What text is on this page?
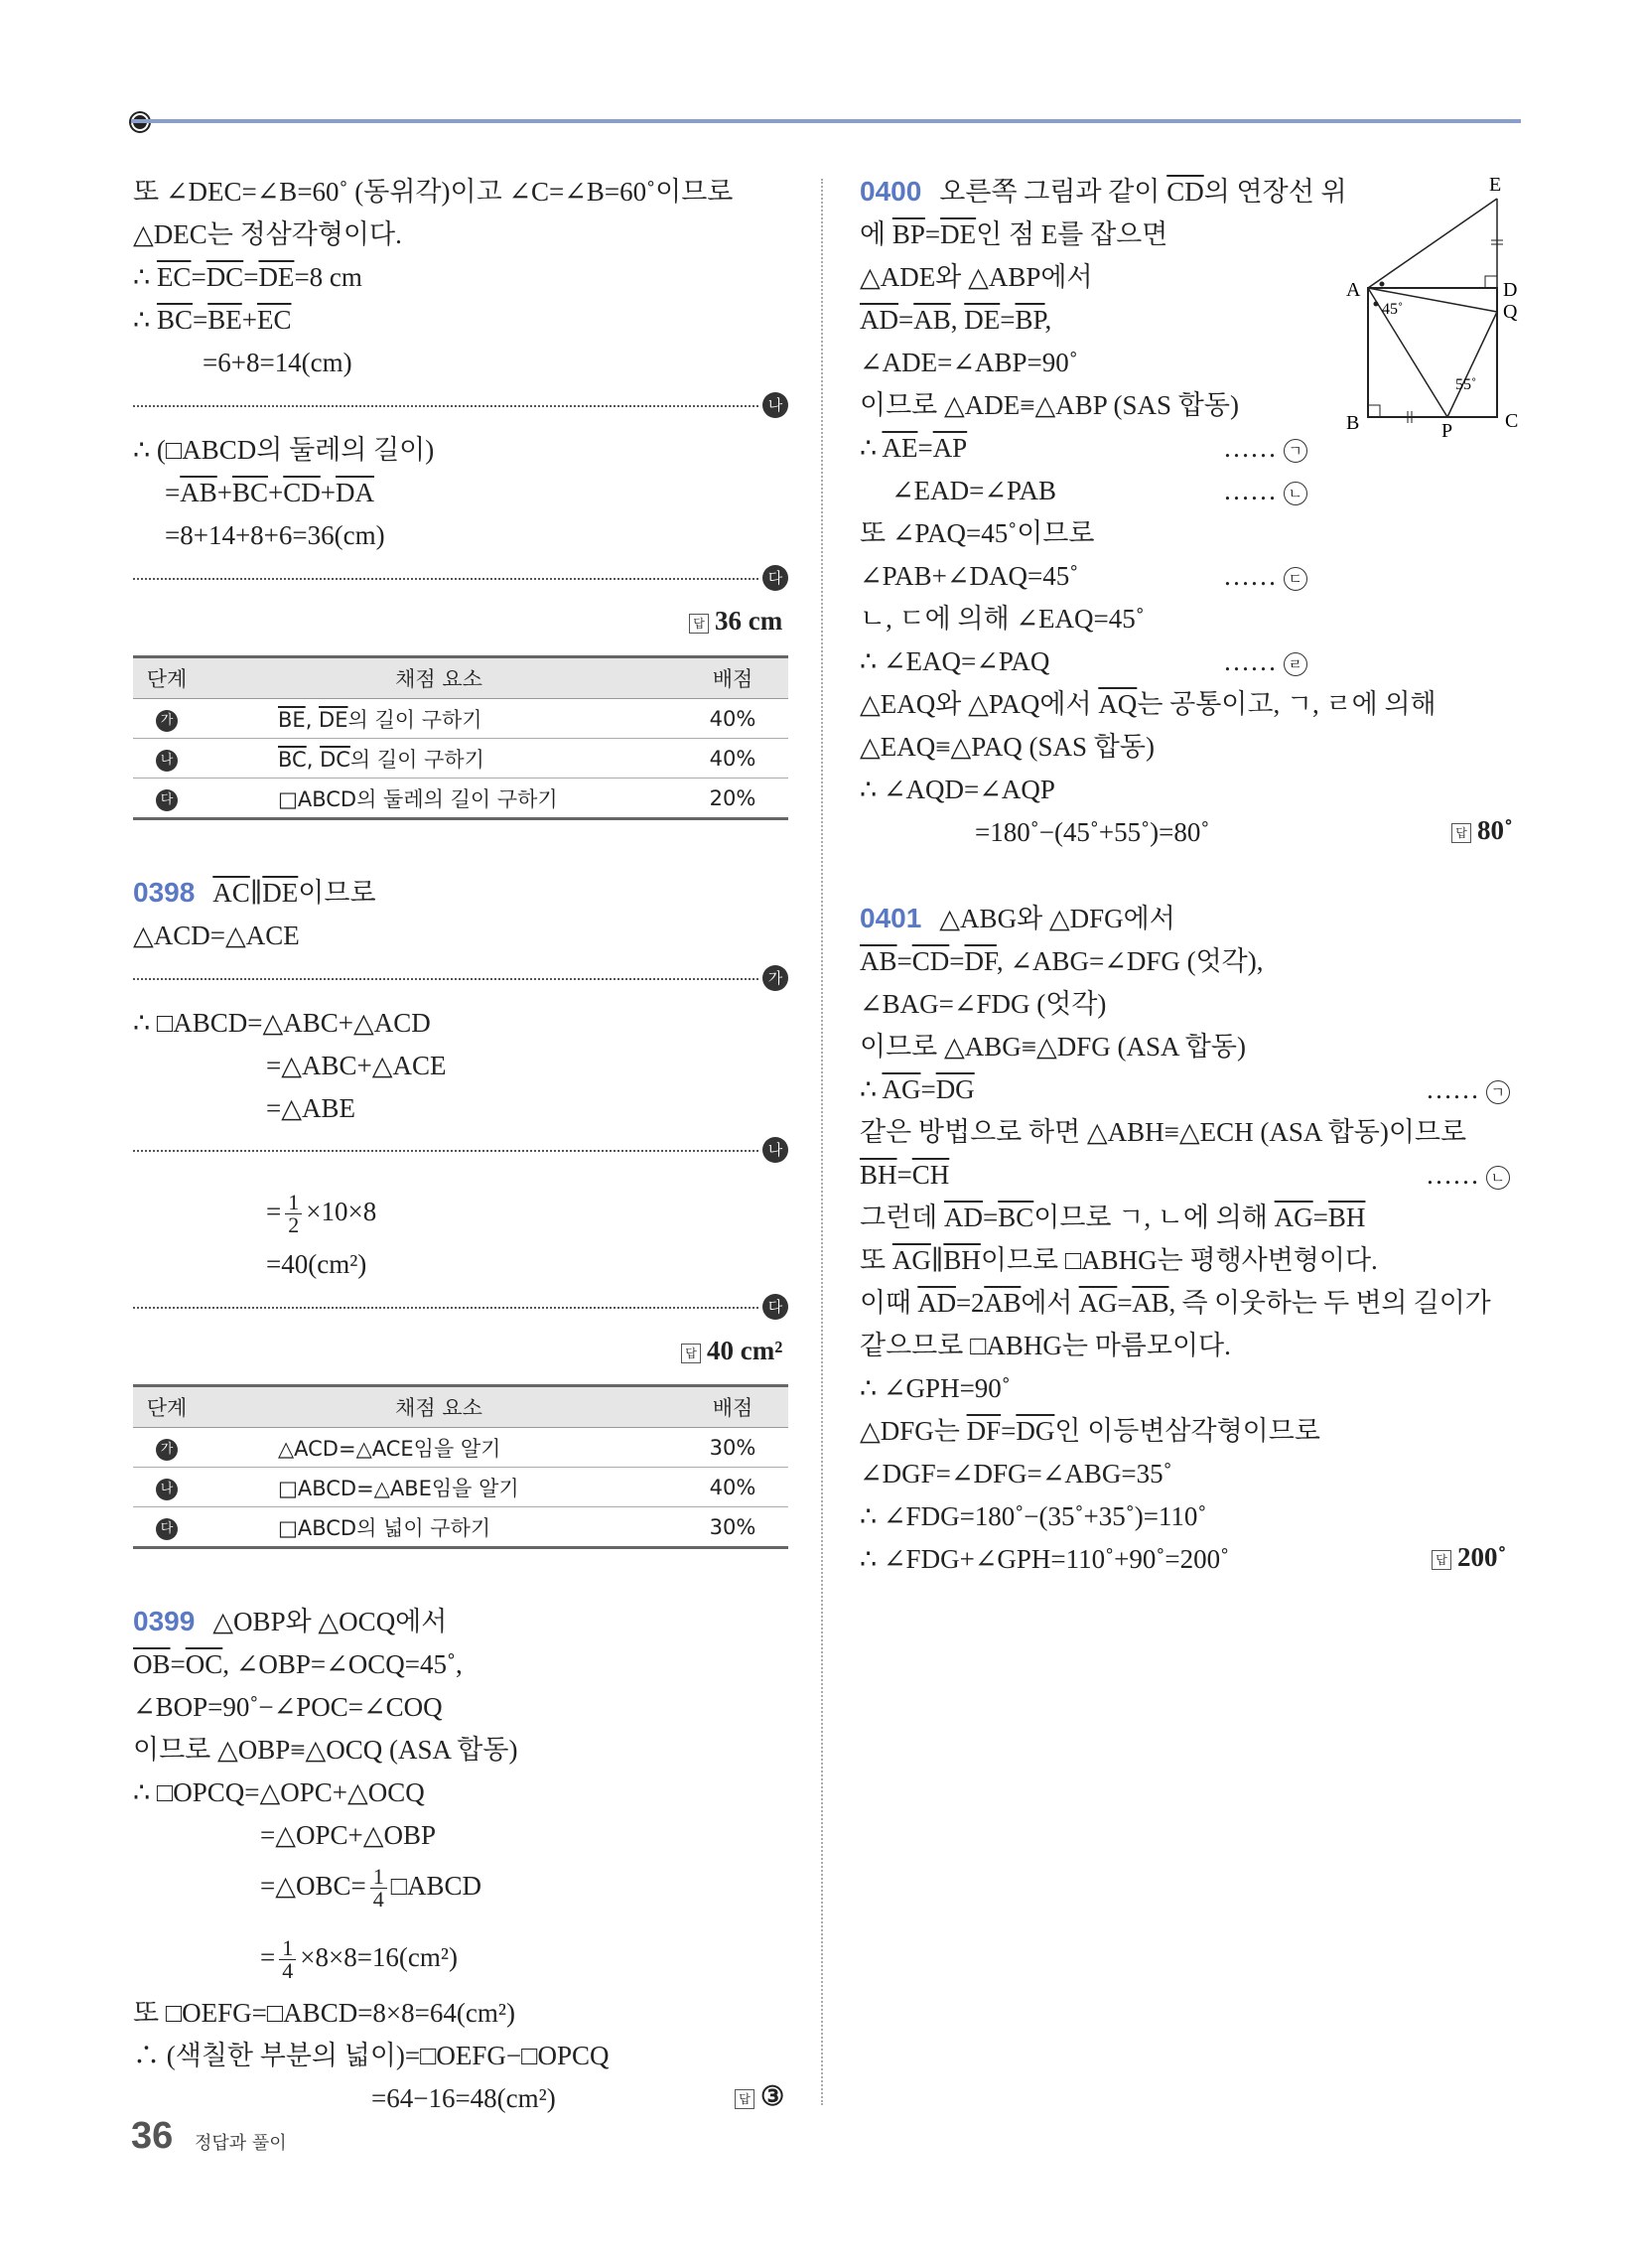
또 ∠DEC=∠B=60˚ (동위각)이고 ∠C=∠B=60˚이므로
△DEC는 정삼각형이다.
∴ $\overline{EC}=\overline{DC}=\overline{DE}=8$ cm
∴ $\overline{BC}=\overline{BE}+\overline{EC}$
=6+8=14(cm)
나
∴ (□ABCD의 둘레의 길이)
$=\overline{AB}+\overline{BC}+\overline{CD}+\overline{DA}$
=8+14+8+6=36(cm)
다
답 36 cm
단계	채점 요소	배점
가	$\overline{BE}$, $\overline{DE}$의 길이 구하기	40%
나	$\overline{BC}$, $\overline{DC}$의 길이 구하기	40%
다	□ABCD의 둘레의 길이 구하기	20%
0398 $\overline{AC}\parallel\overline{DE}$이므로
△ACD=△ACE
가
∴ □ABCD=△ABC+△ACD
=△ABC+△ACE
=△ABE
나
= $\frac{1}{2} \times 10\times 8$
=40(cm²)
다
답 40 cm²
단계	채점 요소	배점
가	△ACD=△ACE임을 알기	30%
나	□ABCD=△ABE임을 알기	40%
다	□ABCD의 넓이 구하기	30%
0399 △OBP와 △OCQ에서
$\overline{OB}=\overline{OC}$, ∠OBP=∠OCQ=45˚,
∠BOP=90˚−∠POC=∠COQ
이므로 △OBP≡△OCQ (ASA 합동)
∴ □OPCQ=△OPC+△OCQ
=△OPC+△OBP
=△OBC= $\frac{1}{4}$ □ABCD
= $\frac{1}{4} \times 8\times 8=16(cm^2)$
또 □OEFG=□ABCD=8×8=64(cm²)
∴ (색칠한 부분의 넓이)=□OEFG−□OPCQ
=64−16=48(cm²)	답 ③
0400 오른쪽 그림과 같이 $\overline{CD}$의 연장선 위
에 $\overline{BP}=\overline{DE}$인 점 E를 잡으면
△ADE와 △ABP에서
$\overline{AD}=\overline{AB}$, $\overline{DE}=\overline{BP}$,
∠ADE=∠ABP=90˚
이므로 △ADE≡△ABP (SAS 합동)
∴ $\overline{AE}=\overline{AP}$	…… ㄱ
∠EAD=∠PAB	…… ㄴ
또 ∠PAQ=45˚이므로
∠PAB+∠DAQ=45˚	…… ㄷ
ㄴ, ㄷ에 의해 ∠EAQ=45˚
∴ ∠EAQ=∠PAQ	…… ㄹ
△EAQ와 △PAQ에서 $\overline{AQ}$는 공통이고, ㄱ, ㄹ에 의해
△EAQ≡△PAQ (SAS 합동)
∴ ∠AQD=∠AQP
=180˚−(45˚+55˚)=80˚	답 80˚
E
A	D
Q
B	P	C
45˚
55˚
0401 △ABG와 △DFG에서
$\overline{AB}=\overline{CD}=\overline{DF}$, ∠ABG=∠DFG (엇각),
∠BAG=∠FDG (엇각)
이므로 △ABG≡△DFG (ASA 합동)
∴ $\overline{AG}=\overline{DG}$	…… ㄱ
같은 방법으로 하면 △ABH≡△ECH (ASA 합동)이므로
$\overline{BH}=\overline{CH}$	…… ㄴ
그런데 $\overline{AD}=\overline{BC}$이므로 ㄱ, ㄴ에 의해 $\overline{AG}=\overline{BH}$
또 $\overline{AG}\parallel\overline{BH}$이므로 □ABHG는 평행사변형이다.
이때 $\overline{AD}=2\overline{AB}$에서 $\overline{AG}=\overline{AB}$, 즉 이웃하는 두 변의 길이가
같으므로 □ABHG는 마름모이다.
∴ ∠GPH=90˚
△DFG는 $\overline{DF}=\overline{DG}$인 이등변삼각형이므로
∠DGF=∠DFG=∠ABG=35˚
∴ ∠FDG=180˚−(35˚+35˚)=110˚
∴ ∠FDG+∠GPH=110˚+90˚=200˚	답 200˚
36 정답과 풀이
